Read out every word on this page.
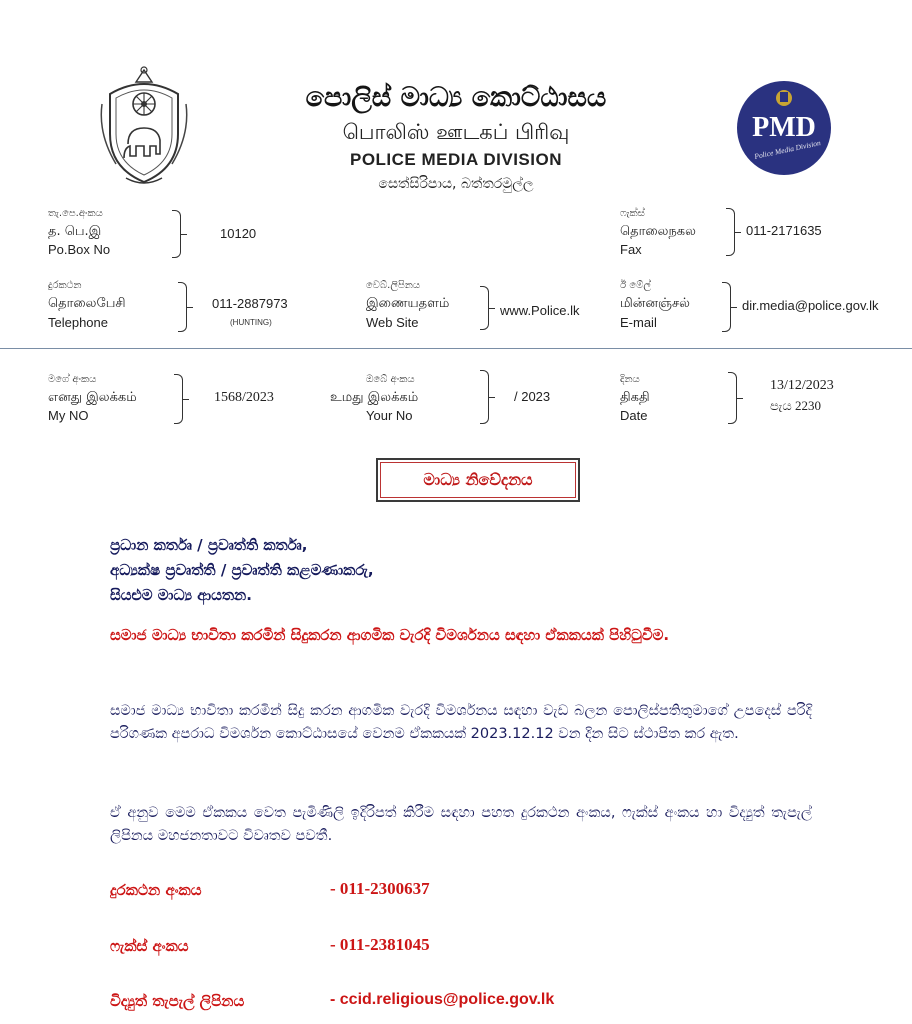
පොලිස් මාධ්‍ය කොට්ඨාසය
பொலிஸ் ஊடகப் பிரிவு
POLICE MEDIA DIVISION
සෙත්සිරිපාය, බත්තරමුල්ල
PMD
Police Media Division
තැ.පෙ.අංකය
த. பெ.இ
Po.Box No
10120
ෆැක්ස්
தொலைநகல
Fax
011-2171635
දුරකථන
தொலைபேசி
Telephone
011-2887973
(HUNTING)
වෙබ්.ලිපිනය
இணையதளம்
Web Site
www.Police.lk
ඊ මේල්
மின்னஞ்சல்
E-mail
dir.media@police.gov.lk
මගේ අංකය
எனது இலக்கம்
My NO
1568/2023
ඔබේ අංකය
உமது இலக்கம்
Your No
/ 2023
දිනය
திகதி
Date
13/12/2023
පැය 2230
මාධ්‍ය නිවේදනය
ප්‍රධාන කර්තෘ / ප්‍රවෘත්ති කර්තෘ,
අධ්‍යක්ෂ ප්‍රවෘත්ති / ප්‍රවෘත්ති කළමණාකරු,
සියළුම මාධ්‍ය ආයතන.
සමාජ මාධ්‍ය භාවිතා කරමින් සිදුකරන ආගමික වැරදි විමර්ශනය සඳහා ඒකකයක් පිහිටුවීම.
සමාජ මාධ්‍ය භාවිතා කරමින් සිදු කරන ආගමික වැරදි විමර්ශනය සඳහා වැඩ බලන පොලිස්පතිතුමාගේ උපදෙස් පරිදි පරිගණක අපරාධ විමර්ශන කොට්ඨාසයේ වෙනම ඒකකයක් 2023.12.12 වන දින සිට ස්ථාපිත කර ඇත.
ඒ අනුව මෙම ඒකකය වෙත පැමිණිලි ඉදිරිපත් කිරීම සඳහා පහත දුරකථන අංකය, ෆැක්ස් අංකය හා විද්‍යුත් තැපැල් ලිපිනය මහජනතාවට විවෘතව පවතී.
දුරකථන අංකය	- 011-2300637
ෆැක්ස් අංකය	- 011-2381045
විද්‍යුත් තැපැල් ලිපිනය	- ccid.religious@police.gov.lk
